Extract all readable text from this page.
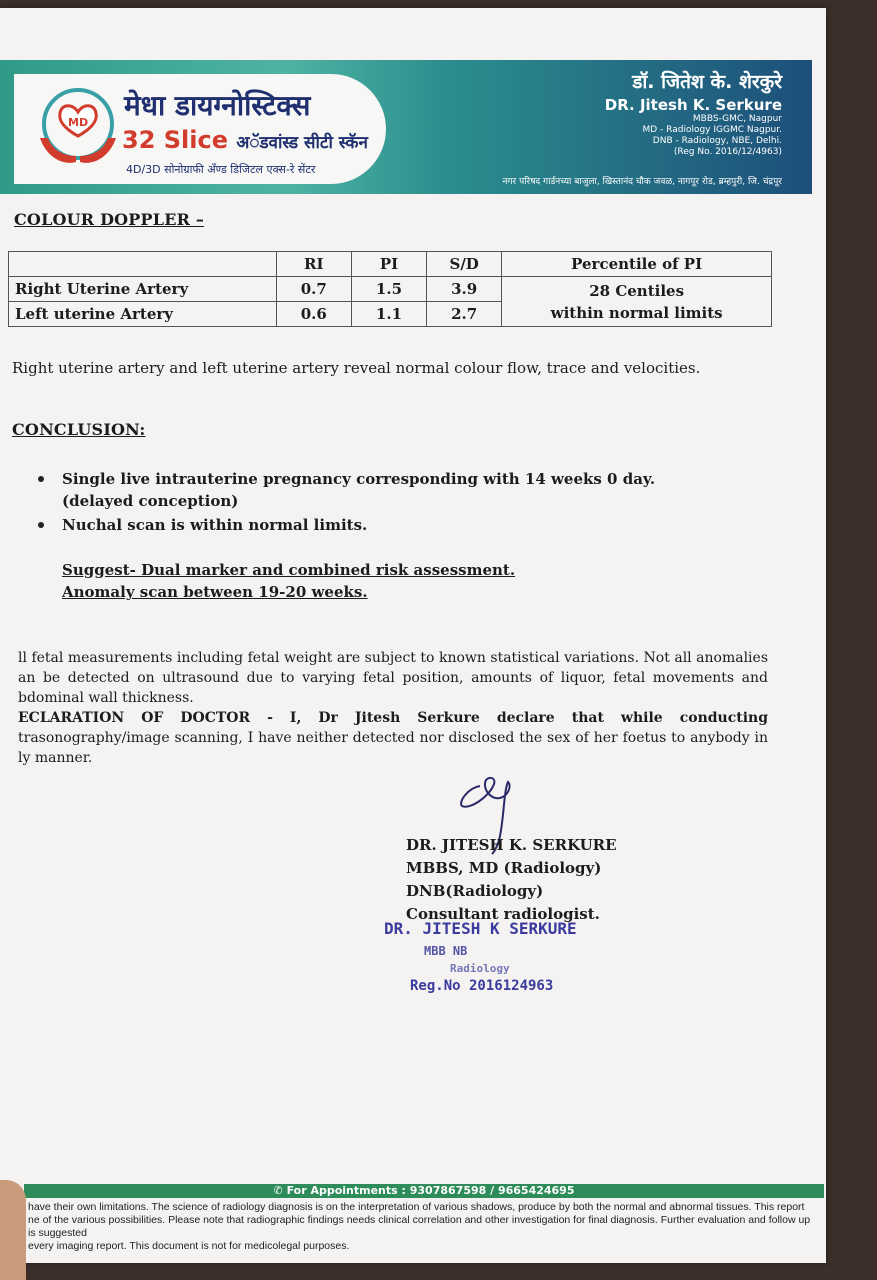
MD
मेधा डायग्नोस्टिक्स
32 Slice अॅडवांस्ड सीटी स्कॅन
4D/3D सोनोग्राफी अँण्ड डिजिटल एक्स-रे सेंटर
डॉ. जितेश के. शेरकुरे
DR. Jitesh K. Serkure
MBBS-GMC, Nagpur
MD - Radiology IGGMC Nagpur.
DNB - Radiology, NBE, Delhi.
(Reg No. 2016/12/4963)
नगर परिषद गार्डनच्या बाजुला, खिस्तानंद चौक जवळ, नागपूर रोड, ब्रम्हपुरी, जि. चंद्रपूर
COLOUR DOPPLER –
	RI	PI	S/D	Percentile of PI
Right Uterine Artery	0.7	1.5	3.9	28 Centiles
within normal limits

Left uterine Artery	0.6	1.1	2.7	
Right uterine artery and left uterine artery reveal normal colour flow, trace and velocities.
CONCLUSION:
Single live intrauterine pregnancy corresponding with 14 weeks 0 day.
(delayed conception)
Nuchal scan is within normal limits.
Suggest- Dual marker and combined risk assessment.
Anomaly scan between 19-20 weeks.
ll fetal measurements including fetal weight are subject to known statistical variations. Not all anomalies
an be detected on ultrasound due to varying fetal position, amounts of liquor, fetal movements and
bdominal wall thickness.
ECLARATION OF DOCTOR - I, Dr Jitesh Serkure declare that while conducting
trasonography/image scanning, I have neither detected nor disclosed the sex of her foetus to anybody in
ly manner.
DR. JITESH K. SERKURE
MBBS, MD (Radiology)
DNB(Radiology)
Consultant radiologist.
DR. JITESH K SERKURE
MBB NB
Radiology
Reg.No 2016124963
✆ For Appointments : 9307867598 / 9665424695
have their own limitations. The science of radiology diagnosis is on the interpretation of various shadows, produce by both the normal and abnormal tissues. This report
ne of the various possibilities. Please note that radiographic findings needs clinical correlation and other investigation for final diagnosis. Further evaluation and follow up is suggested
every imaging report. This document is not for medicolegal purposes.
